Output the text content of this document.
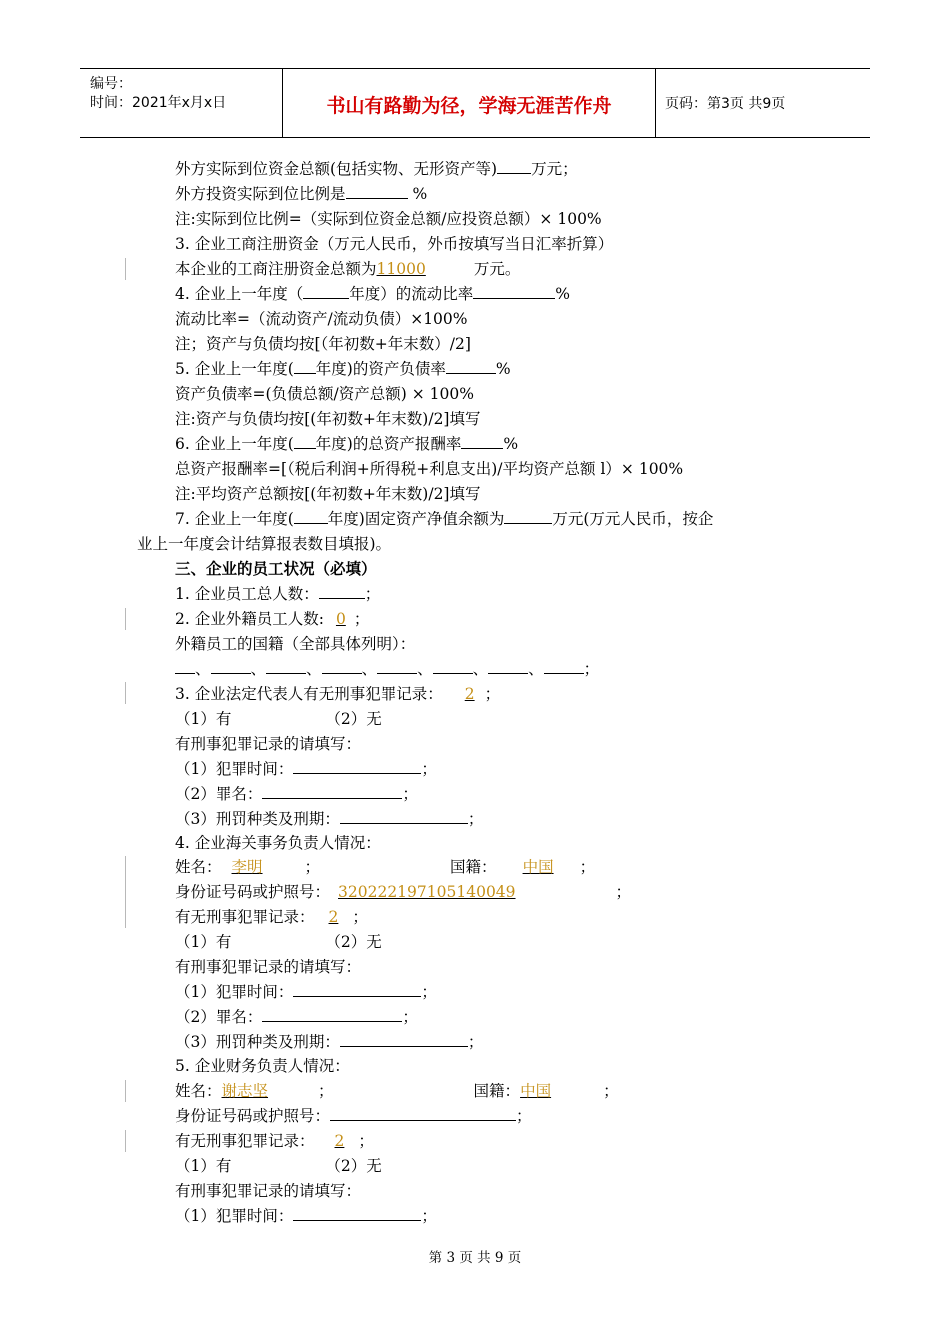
编号：
时间：2021年x月x日	书山有路勤为径，学海无涯苦作舟	页码：第3页 共9页
外方实际到位资金总额(包括实物、无形资产等) 万元；
外方投资实际到位比例是	%
注:实际到位比例=（实际到位资金总额/应投资总额）× 100%
3. 企业工商注册资金（万元人民币，外币按填写当日汇率折算）
本企业的工商注册资金总额为11000	万元。
4. 企业上一年度（	年度）的流动比率	%
流动比率=（流动资产/流动负债）×100%
注；资产与负债均按[（年初数+年末数）/2]
5. 企业上一年度( 年度)的资产负债率	%
资产负债率=(负债总额/资产总额) × 100%
注:资产与负债均按[(年初数+年末数)/2]填写
6. 企业上一年度( 年度)的总资产报酬率	%
总资产报酬率=[（税后利润+所得税+利息支出)/平均资产总额 l）× 100%
注:平均资产总额按[(年初数+年末数)/2]填写
7. 企业上一年度( 年度)固定资产净值余额为	万元(万元人民币，按企
业上一年度会计结算报表数目填报)。
三、企业的员工状况（必填）
1. 企业员工总人数：	；
2. 企业外籍员工人数: 0 ；
外籍员工的国籍（全部具体列明）：
、	、	、	、	、	、	、	；
3. 企业法定代表人有无刑事犯罪记录： 2 ；
（1）有	（2）无
有刑事犯罪记录的请填写：
（1）犯罪时间：	；
（2）罪名：	；
（3）刑罚种类及刑期：	；
4. 企业海关事务负责人情况：
姓名： 李明	；	国籍： 中国 ；
身份证号码或护照号： 320222197105140049	；
有无刑事犯罪记录： 2 ；
（1）有	（2）无
有刑事犯罪记录的请填写：
（1）犯罪时间：	；
（2）罪名：	；
（3）刑罚种类及刑期：	；
5. 企业财务负责人情况：
姓名：谢志坚	；	国籍：中国	；
身份证号码或护照号：	；
有无刑事犯罪记录： 2 ；
（1）有	（2）无
有刑事犯罪记录的请填写：
（1）犯罪时间：	；
第 3 页 共 9 页
